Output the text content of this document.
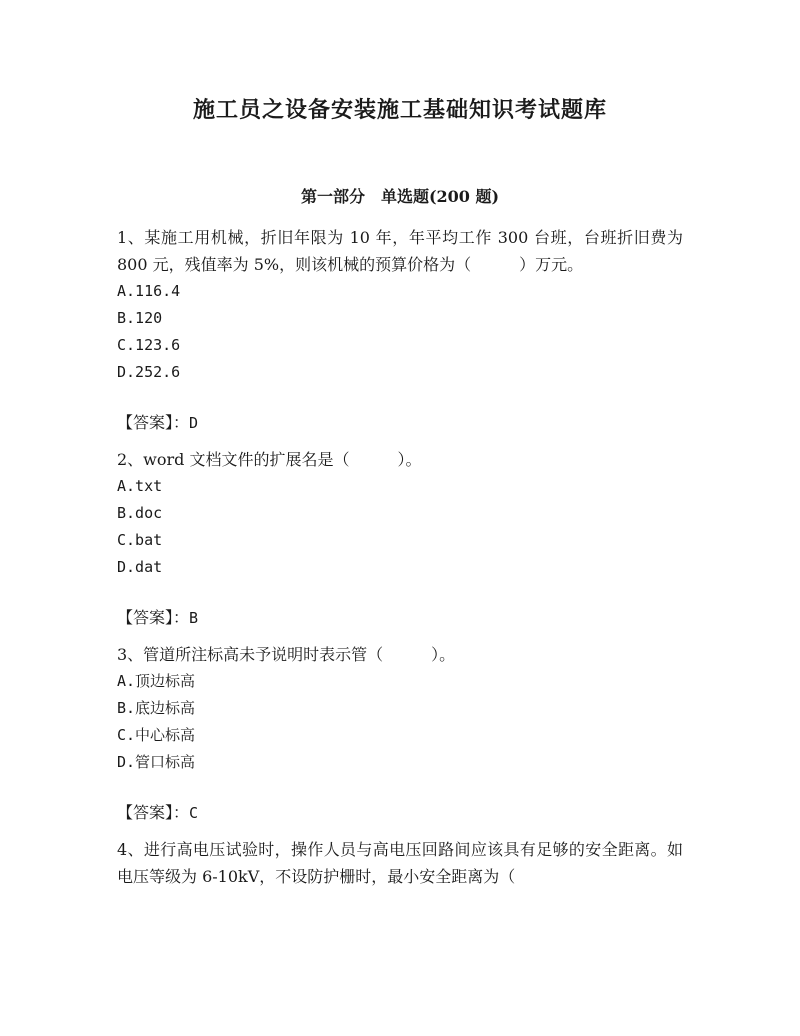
施工员之设备安装施工基础知识考试题库
第一部分　单选题(200 题)

1、某施工用机械，折旧年限为 10 年，年平均工作 300 台班，台班折旧费为 800 元，残值率为 5%，则该机械的预算价格为（　　　）万元。

A.116.4
B.120
C.123.6
D.252.6
【答案】：D

2、word 文档文件的扩展名是（　　　）。

A.txt
B.doc
C.bat
D.dat
【答案】：B

3、管道所注标高未予说明时表示管（　　　）。

A.顶边标高
B.底边标高
C.中心标高
D.管口标高
【答案】：C

4、进行高电压试验时，操作人员与高电压回路间应该具有足够的安全距离。如电压等级为 6-10kV，不设防护栅时，最小安全距离为（
